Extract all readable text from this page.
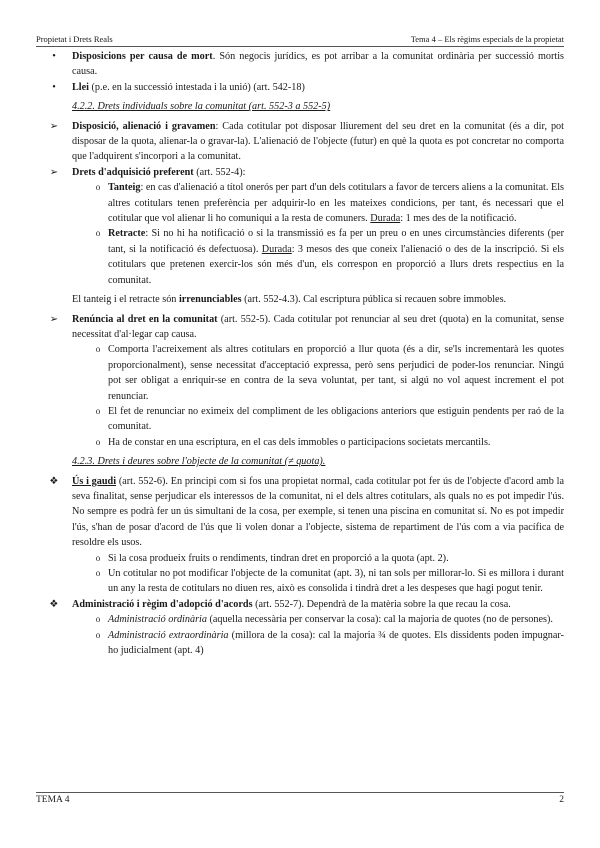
Propietat i Drets Reals	Tema 4 – Els règims especials de la propietat
•	Disposicions per causa de mort. Són negocis jurídics, es pot arribar a la comunitat ordinària per successió mortis causa.

•	Llei (p.e. en la successió intestada i la unió) (art. 542-18)

4.2.2. Drets individuals sobre la comunitat (art. 552-3 a 552-5)

➢	Disposició, alienació i gravamen: Cada cotitular pot disposar lliurement del seu dret en la comunitat (és a dir, pot disposar de la quota, alienar-la o gravar-la). L'alienació de l'objecte (futur) en què la quota es pot concretar no comporta que l'adquirent s'incorpori a la comunitat.

➢	Drets d'adquisició preferent (art. 552-4):

o Tanteig: en cas d'alienació a títol onerós per part d'un dels cotitulars a favor de tercers aliens a la comunitat. Els altres cotitulars tenen preferència per adquirir-lo en les mateixes condicions, per tant, és necessari que el cotitular que vol alienar li ho comuniqui a la resta de comuners. Durada: 1 mes des de la notificació.

o Retracte: Si no hi ha notificació o si la transmissió es fa per un preu o en unes circumstàncies diferents (per tant, si la notificació és defectuosa). Durada: 3 mesos des que coneix l'alienació o des de la inscripció. Si els cotitulars que pretenen exercir-los són més d'un, els correspon en proporció a llurs drets respectius en la comunitat.

El tanteig i el retracte són irrenunciables (art. 552-4.3). Cal escriptura pública si recauen sobre immobles.

➢	Renúncia al dret en la comunitat (art. 552-5). Cada cotitular pot renunciar al seu dret (quota) en la comunitat, sense necessitat d'al·legar cap causa.

o Comporta l'acreixement als altres cotitulars en proporció a llur quota (és a dir, se'ls incrementarà les quotes proporcionalment), sense necessitat d'acceptació expressa, però sens perjudici de poder-los renunciar. Ningú pot ser obligat a enriquir-se en contra de la seva voluntat, per tant, si algú no vol aquest increment el pot renunciar.

o El fet de renunciar no eximeix del compliment de les obligacions anteriors que estiguin pendents per raó de la comunitat.

o Ha de constar en una escriptura, en el cas dels immobles o participacions societats mercantils.

4.2.3. Drets i deures sobre l'objecte de la comunitat (≠ quota).

❖	Ús i gaudi (art. 552-6). En principi com si fos una propietat normal, cada cotitular pot fer ús de l'objecte d'acord amb la seva finalitat, sense perjudicar els interessos de la comunitat, ni el dels altres cotitulars, als quals no es pot impedir l'ús. No sempre es podrà fer un ús simultani de la cosa, per exemple, si tenen una piscina en comunitat sí. No es pot impedir l'ús, s'han de posar d'acord de l'ús que li volen donar a l'objecte, sistema de repartiment de l'ús com a via pacífica de resoldre els usos.

o Si la cosa produeix fruits o rendiments, tindran dret en proporció a la quota (apt. 2).

o Un cotitular no pot modificar l'objecte de la comunitat (apt. 3), ni tan sols per millorar-lo. Si es millora i durant un any la resta de cotitulars no diuen res, això es consolida i tindrà dret a les despeses que hagi pogut tenir.

❖	Administració i règim d'adopció d'acords (art. 552-7). Dependrà de la matèria sobre la que recau la cosa.

o Administració ordinària (aquella necessària per conservar la cosa): cal la majoria de quotes (no de persones).

o Administració extraordinària (millora de la cosa): cal la majoria ¾ de quotes. Els dissidents poden impugnar-ho judicialment (apt. 4)

TEMA 4	2
